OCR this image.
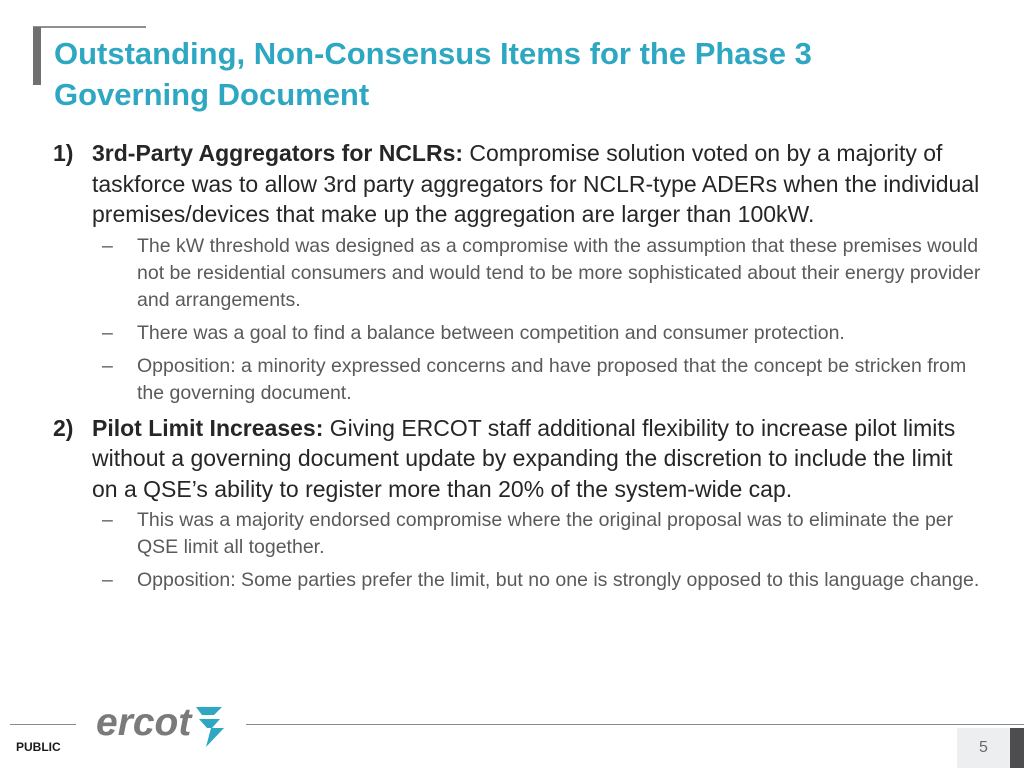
Outstanding, Non-Consensus Items for the Phase 3 Governing Document
1) 3rd-Party Aggregators for NCLRs: Compromise solution voted on by a majority of taskforce was to allow 3rd party aggregators for NCLR-type ADERs when the individual premises/devices that make up the aggregation are larger than 100kW.
– The kW threshold was designed as a compromise with the assumption that these premises would not be residential consumers and would tend to be more sophisticated about their energy provider and arrangements.
– There was a goal to find a balance between competition and consumer protection.
– Opposition: a minority expressed concerns and have proposed that the concept be stricken from the governing document.
2) Pilot Limit Increases: Giving ERCOT staff additional flexibility to increase pilot limits without a governing document update by expanding the discretion to include the limit on a QSE’s ability to register more than 20% of the system-wide cap.
– This was a majority endorsed compromise where the original proposal was to eliminate the per QSE limit all together.
– Opposition: Some parties prefer the limit, but no one is strongly opposed to this language change.
ercot
PUBLIC	5
